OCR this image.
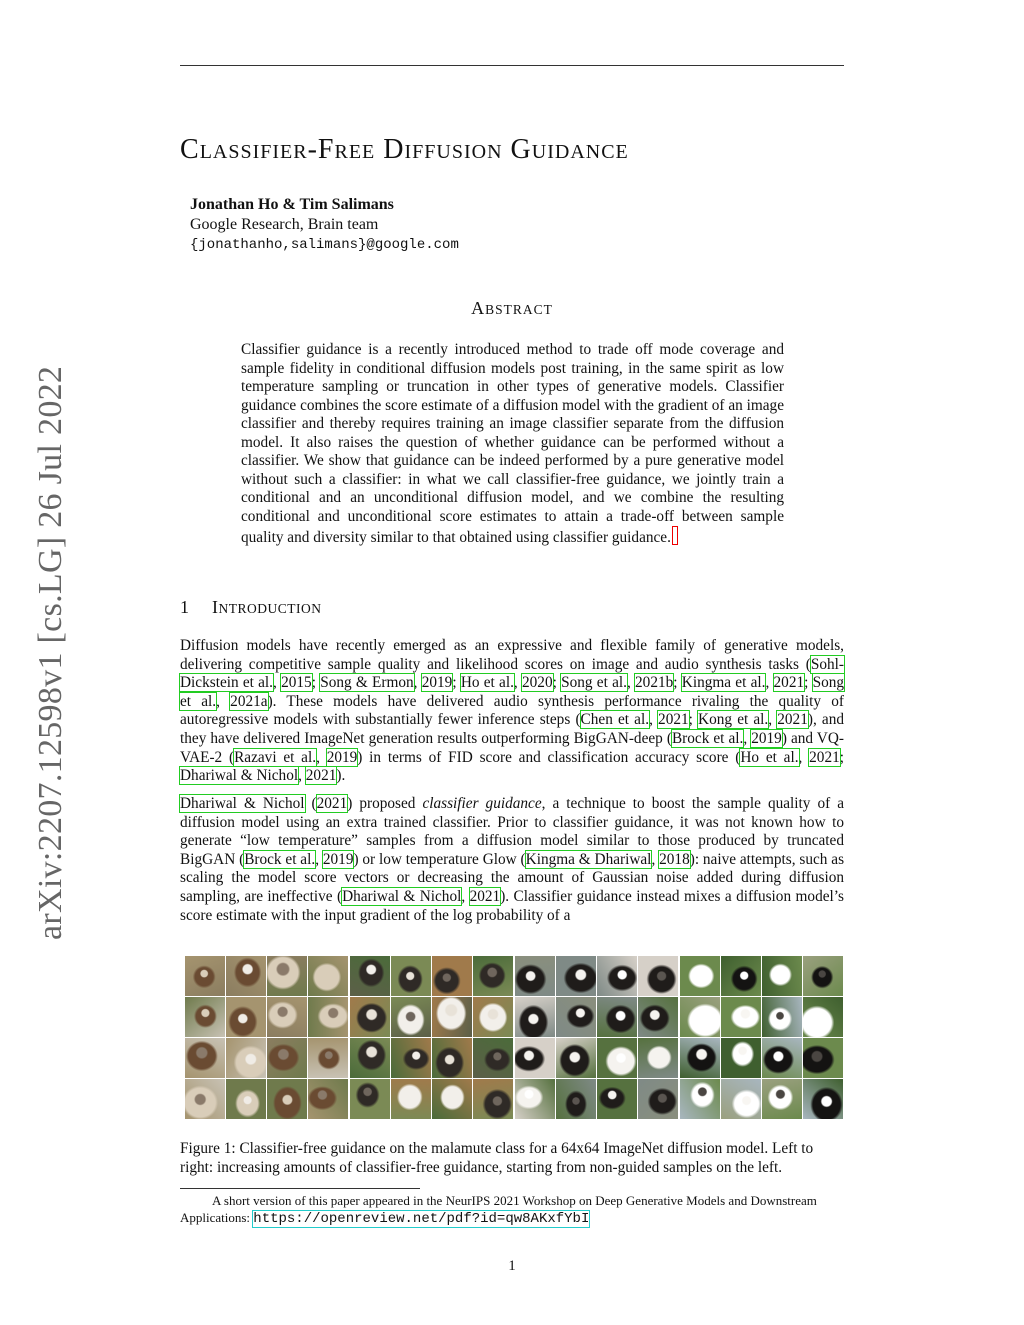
arXiv:2207.12598v1 [cs.LG] 26 Jul 2022
CLASSIFIER-FREE DIFFUSION GUIDANCE
Jonathan Ho & Tim Salimans
Google Research, Brain team
{jonathanho,salimans}@google.com
ABSTRACT
Classifier guidance is a recently introduced method to trade off mode coverage and sample fidelity in conditional diffusion models post training, in the same spirit as low temperature sampling or truncation in other types of generative models. Classifier guidance combines the score estimate of a diffusion model with the gradient of an image classifier and thereby requires training an image classifier separate from the diffusion model. It also raises the question of whether guidance can be performed without a classifier. We show that guidance can be indeed performed by a pure generative model without such a classifier: in what we call classifier-free guidance, we jointly train a conditional and an unconditional diffusion model, and we combine the resulting conditional and unconditional score estimates to attain a trade-off between sample quality and diversity similar to that obtained using classifier guidance.
1 INTRODUCTION
Diffusion models have recently emerged as an expressive and flexible family of generative models, delivering competitive sample quality and likelihood scores on image and audio synthesis tasks (Sohl-Dickstein et al., 2015; Song & Ermon, 2019; Ho et al., 2020; Song et al., 2021b; Kingma et al., 2021; Song et al., 2021a). These models have delivered audio synthesis performance rivaling the quality of autoregressive models with substantially fewer inference steps (Chen et al., 2021; Kong et al., 2021), and they have delivered ImageNet generation results outperforming BigGAN-deep (Brock et al., 2019) and VQ-VAE-2 (Razavi et al., 2019) in terms of FID score and classification accuracy score (Ho et al., 2021; Dhariwal & Nichol, 2021).
Dhariwal & Nichol (2021) proposed classifier guidance, a technique to boost the sample quality of a diffusion model using an extra trained classifier. Prior to classifier guidance, it was not known how to generate “low temperature” samples from a diffusion model similar to those produced by truncated BigGAN (Brock et al., 2019) or low temperature Glow (Kingma & Dhariwal, 2018): naive attempts, such as scaling the model score vectors or decreasing the amount of Gaussian noise added during diffusion sampling, are ineffective (Dhariwal & Nichol, 2021). Classifier guidance instead mixes a diffusion model’s score estimate with the input gradient of the log probability of a
Figure 1: Classifier-free guidance on the malamute class for a 64x64 ImageNet diffusion model. Left to right: increasing amounts of classifier-free guidance, starting from non-guided samples on the left.
A short version of this paper appeared in the NeurIPS 2021 Workshop on Deep Generative Models and Downstream Applications: https://openreview.net/pdf?id=qw8AKxfYbI
1
